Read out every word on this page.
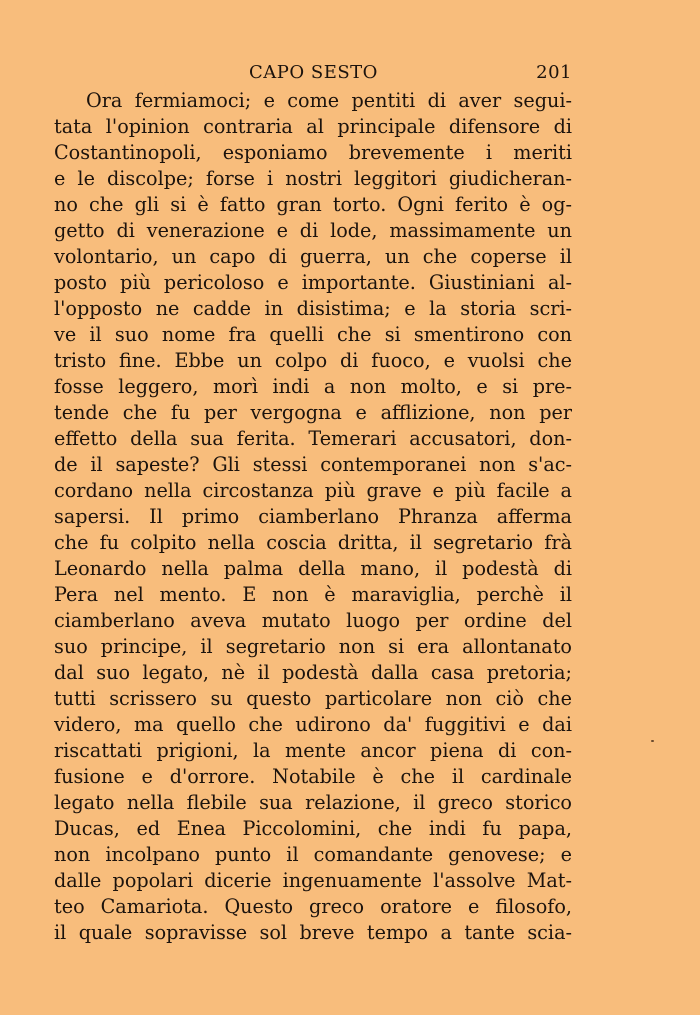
CAPO SESTO	201
Ora fermiamoci; e come pentiti di aver segui-
tata l'opinion contraria al principale difensore di
Costantinopoli, esponiamo brevemente i meriti
e le discolpe; forse i nostri leggitori giudicheran-
no che gli si è fatto gran torto. Ogni ferito è og-
getto di venerazione e di lode, massimamente un
volontario, un capo di guerra, un che coperse il
posto più pericoloso e importante. Giustiniani al-
l'opposto ne cadde in disistima; e la storia scri-
ve il suo nome fra quelli che si smentirono con
tristo fine. Ebbe un colpo di fuoco, e vuolsi che
fosse leggero, morì indi a non molto, e si pre-
tende che fu per vergogna e afflizione, non per
effetto della sua ferita. Temerari accusatori, don-
de il sapeste? Gli stessi contemporanei non s'ac-
cordano nella circostanza più grave e più facile a
sapersi. Il primo ciamberlano Phranza afferma
che fu colpito nella coscia dritta, il segretario frà
Leonardo nella palma della mano, il podestà di
Pera nel mento. E non è maraviglia, perchè il
ciamberlano aveva mutato luogo per ordine del
suo principe, il segretario non si era allontanato
dal suo legato, nè il podestà dalla casa pretoria;
tutti scrissero su questo particolare non ciò che
videro, ma quello che udirono da' fuggitivi e dai
riscattati prigioni, la mente ancor piena di con-
fusione e d'orrore. Notabile è che il cardinale
legato nella flebile sua relazione, il greco storico
Ducas, ed Enea Piccolomini, che indi fu papa,
non incolpano punto il comandante genovese; e
dalle popolari dicerie ingenuamente l'assolve Mat-
teo Camariota. Questo greco oratore e filosofo,
il quale sopravisse sol breve tempo a tante scia-
